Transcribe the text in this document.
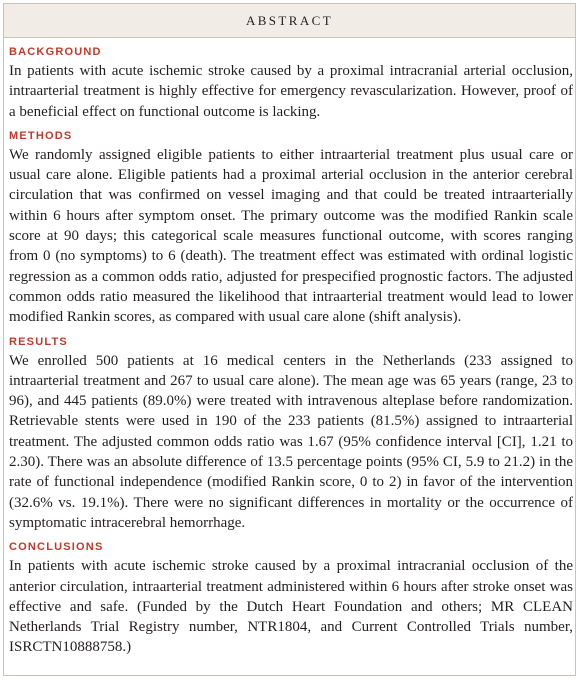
ABSTRACT
BACKGROUND

In patients with acute ischemic stroke caused by a proximal intracranial arterial occlusion, intraarterial treatment is highly effective for emergency revascularization. However, proof of a beneficial effect on functional outcome is lacking.

METHODS

We randomly assigned eligible patients to either intraarterial treatment plus usual care or usual care alone. Eligible patients had a proximal arterial occlusion in the anterior cerebral circulation that was confirmed on vessel imaging and that could be treated intraarterially within 6 hours after symptom onset. The primary outcome was the modified Rankin scale score at 90 days; this categorical scale measures functional outcome, with scores ranging from 0 (no symptoms) to 6 (death). The treatment effect was estimated with ordinal logistic regression as a common odds ratio, adjusted for prespecified prognostic factors. The adjusted common odds ratio measured the likelihood that intraarterial treatment would lead to lower modified Rankin scores, as compared with usual care alone (shift analysis).

RESULTS

We enrolled 500 patients at 16 medical centers in the Netherlands (233 assigned to intraarterial treatment and 267 to usual care alone). The mean age was 65 years (range, 23 to 96), and 445 patients (89.0%) were treated with intravenous alteplase before randomization. Retrievable stents were used in 190 of the 233 patients (81.5%) assigned to intraarterial treatment. The adjusted common odds ratio was 1.67 (95% confidence interval [CI], 1.21 to 2.30). There was an absolute difference of 13.5 percentage points (95% CI, 5.9 to 21.2) in the rate of functional independence (modified Rankin score, 0 to 2) in favor of the intervention (32.6% vs. 19.1%). There were no significant differences in mortality or the occurrence of symptomatic intracerebral hemorrhage.

CONCLUSIONS

In patients with acute ischemic stroke caused by a proximal intracranial occlusion of the anterior circulation, intraarterial treatment administered within 6 hours after stroke onset was effective and safe. (Funded by the Dutch Heart Foundation and others; MR CLEAN Netherlands Trial Registry number, NTR1804, and Current Controlled Trials number, ISRCTN10888758.)
